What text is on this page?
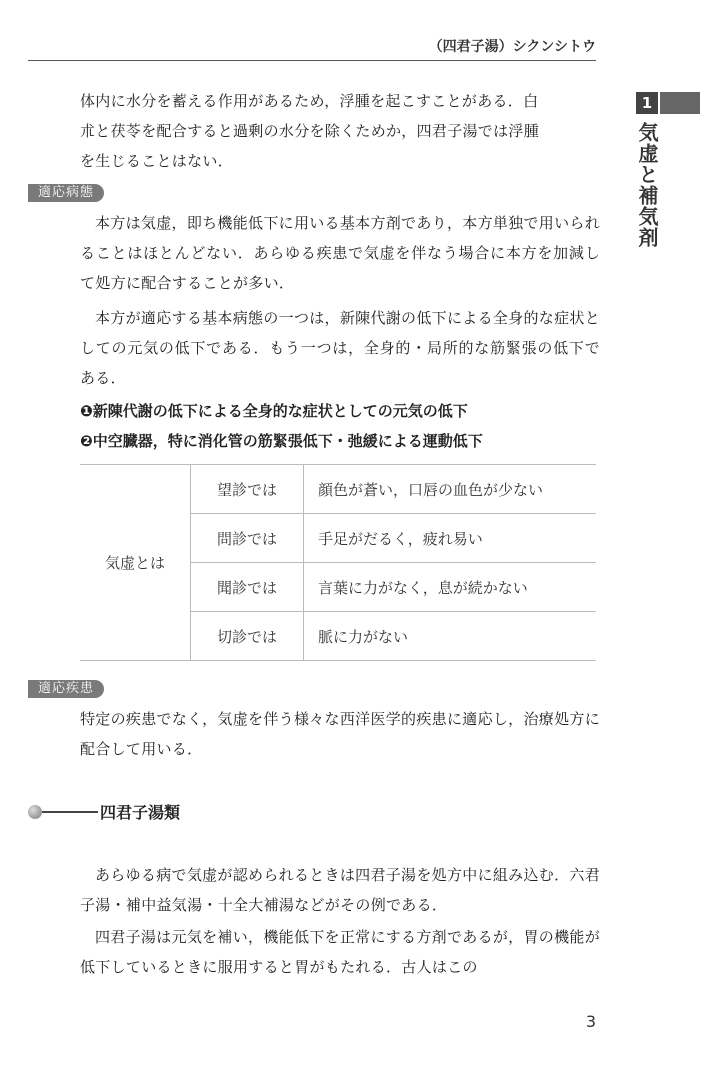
（四君子湯）シクンシトウ
1
気虚と補気剤
体内に水分を蓄える作用があるため，浮腫を起こすことがある．白
朮と茯苓を配合すると過剰の水分を除くためか，四君子湯では浮腫
を生じることはない．
適応病態

本方は気虚，即ち機能低下に用いる基本方剤であり，本方単独で用いられることはほとんどない．あらゆる疾患で気虚を伴なう場合に本方を加減して処方に配合することが多い．

本方が適応する基本病態の一つは，新陳代謝の低下による全身的な症状としての元気の低下である．もう一つは，全身的・局所的な筋緊張の低下である．

❶新陳代謝の低下による全身的な症状としての元気の低下
❷中空臓器，特に消化管の筋緊張低下・弛緩による運動低下
気虚とは	望診では	顔色が蒼い，口唇の血色が少ない
	問診では	手足がだるく，疲れ易い
	聞診では	言葉に力がなく，息が続かない
	切診では	脈に力がない
適応疾患

特定の疾患でなく，気虚を伴う様々な西洋医学的疾患に適応し，治療処方に配合して用いる．

四君子湯類

あらゆる病で気虚が認められるときは四君子湯を処方中に組み込む．六君子湯・補中益気湯・十全大補湯などがその例である．

四君子湯は元気を補い，機能低下を正常にする方剤であるが，胃の機能が低下しているときに服用すると胃がもたれる．古人はこの

3
